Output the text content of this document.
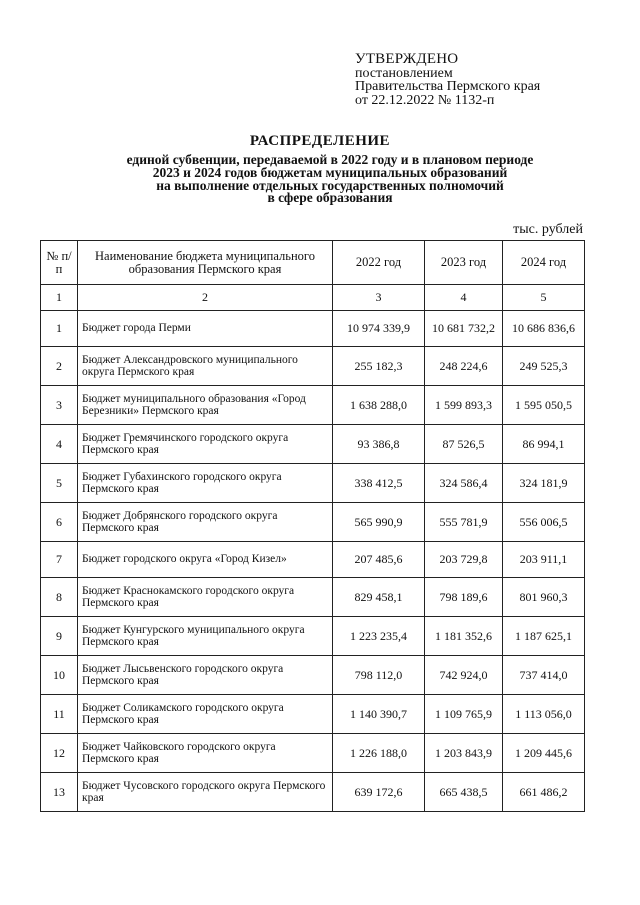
УТВЕРЖДЕНО
постановлением
Правительства Пермского края
от 22.12.2022 № 1132-п
РАСПРЕДЕЛЕНИЕ
единой субвенции, передаваемой в 2022 году и в плановом периоде
2023 и 2024 годов бюджетам муниципальных образований
на выполнение отдельных государственных полномочий
в сфере образования
тыс. рублей
№ п/п	Наименование бюджета муниципального образования Пермского края	2022 год	2023 год	2024 год
1	2	3	4	5
1	Бюджет города Перми	10 974 339,9	10 681 732,2	10 686 836,6
2	Бюджет Александровского муниципального округа Пермского края	255 182,3	248 224,6	249 525,3
3	Бюджет муниципального образования «Город Березники» Пермского края	1 638 288,0	1 599 893,3	1 595 050,5
4	Бюджет Гремячинского городского округа Пермского края	93 386,8	87 526,5	86 994,1
5	Бюджет Губахинского городского округа Пермского края	338 412,5	324 586,4	324 181,9
6	Бюджет Добрянского городского округа Пермского края	565 990,9	555 781,9	556 006,5
7	Бюджет городского округа «Город Кизел»	207 485,6	203 729,8	203 911,1
8	Бюджет Краснокамского городского округа Пермского края	829 458,1	798 189,6	801 960,3
9	Бюджет Кунгурского муниципального округа Пермского края	1 223 235,4	1 181 352,6	1 187 625,1
10	Бюджет Лысьвенского городского округа Пермского края	798 112,0	742 924,0	737 414,0
11	Бюджет Соликамского городского округа Пермского края	1 140 390,7	1 109 765,9	1 113 056,0
12	Бюджет Чайковского городского округа Пермского края	1 226 188,0	1 203 843,9	1 209 445,6
13	Бюджет Чусовского городского округа Пермского края	639 172,6	665 438,5	661 486,2
